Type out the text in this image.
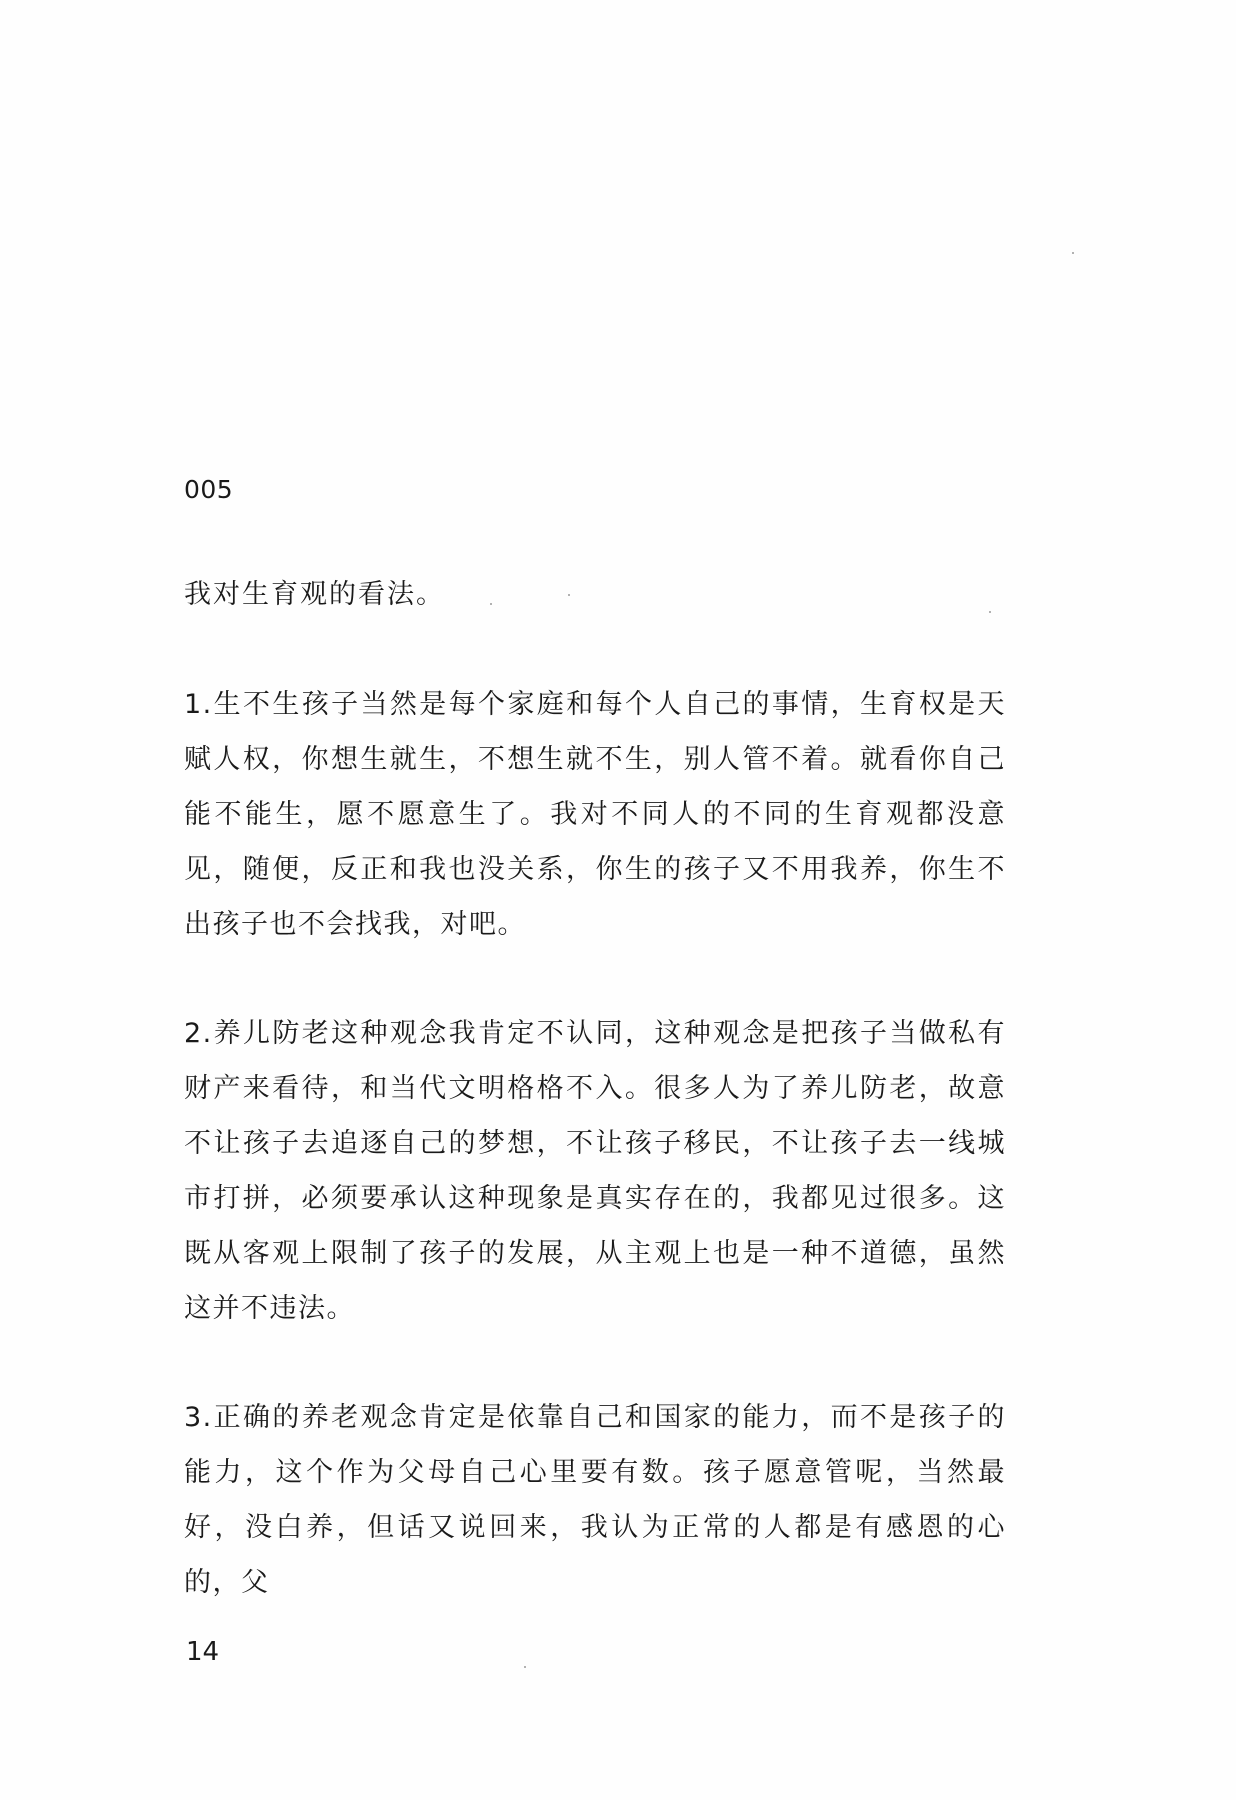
005
我对生育观的看法。
1.生不生孩子当然是每个家庭和每个人自己的事情，生育权是天赋人权，你想生就生，不想生就不生，别人管不着。就看你自己能不能生，愿不愿意生了。我对不同人的不同的生育观都没意见，随便，反正和我也没关系，你生的孩子又不用我养，你生不出孩子也不会找我，对吧。
2.养儿防老这种观念我肯定不认同，这种观念是把孩子当做私有财产来看待，和当代文明格格不入。很多人为了养儿防老，故意不让孩子去追逐自己的梦想，不让孩子移民，不让孩子去一线城市打拼，必须要承认这种现象是真实存在的，我都见过很多。这既从客观上限制了孩子的发展，从主观上也是一种不道德，虽然这并不违法。
3.正确的养老观念肯定是依靠自己和国家的能力，而不是孩子的能力，这个作为父母自己心里要有数。孩子愿意管呢，当然最好，没白养，但话又说回来，我认为正常的人都是有感恩的心的，父
14
